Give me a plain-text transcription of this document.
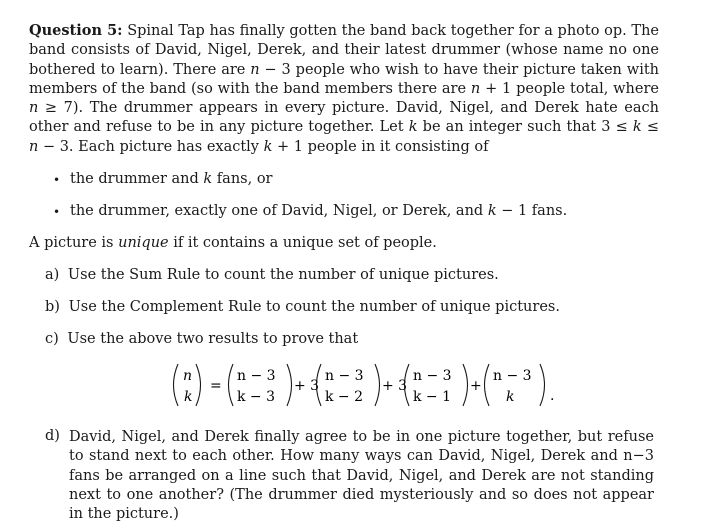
Question 5: Spinal Tap has finally gotten the band back together for a photo op. The band consists of David, Nigel, Derek, and their latest drummer (whose name no one bothered to learn). There are n − 3 people who wish to have their picture taken with members of the band (so with the band members there are n + 1 people total, where n ≥ 7). The drummer appears in every picture. David, Nigel, and Derek hate each other and refuse to be in any picture together. Let k be an integer such that 3 ≤ k ≤ n − 3. Each picture has exactly k + 1 people in it consisting of
• the drummer and k fans, or
• the drummer, exactly one of David, Nigel, or Derek, and k − 1 fans.
A picture is unique if it contains a unique set of people.
a) Use the Sum Rule to count the number of unique pictures.
b) Use the Complement Rule to count the number of unique pictures.
c) Use the above two results to prove that
n
k
=
n − 3
k − 3
+ 3
n − 3
k − 2
+ 3
n − 3
k − 1
+
n − 3
k	.
d) David, Nigel, and Derek finally agree to be in one picture together, but refuse to stand next to each other. How many ways can David, Nigel, Derek and n−3 fans be arranged on a line such that David, Nigel, and Derek are not standing next to one another? (The drummer died mysteriously and so does not appear in the picture.)
